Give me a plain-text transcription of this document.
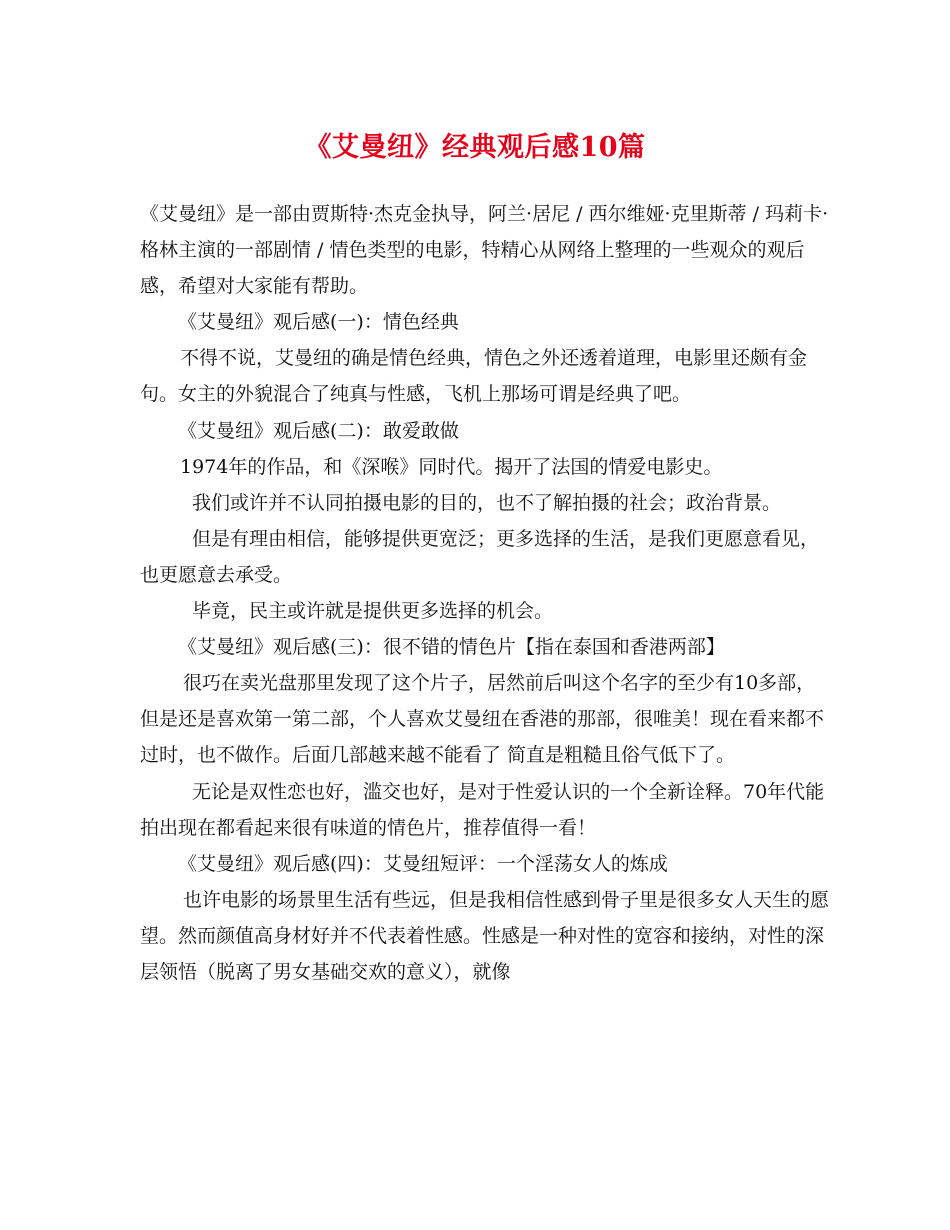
《艾曼纽》经典观后感10篇

《艾曼纽》是一部由贾斯特·杰克金执导，阿兰·居尼 / 西尔维娅·克里斯蒂 / 玛莉卡·格林主演的一部剧情 / 情色类型的电影，特精心从网络上整理的一些观众的观后感，希望对大家能有帮助。

《艾曼纽》观后感(一)：情色经典

不得不说，艾曼纽的确是情色经典，情色之外还透着道理，电影里还颇有金句。女主的外貌混合了纯真与性感，飞机上那场可谓是经典了吧。

《艾曼纽》观后感(二)：敢爱敢做

1974年的作品，和《深喉》同时代。揭开了法国的情爱电影史。

我们或许并不认同拍摄电影的目的，也不了解拍摄的社会；政治背景。

但是有理由相信，能够提供更宽泛；更多选择的生活，是我们更愿意看见，也更愿意去承受。

毕竟，民主或许就是提供更多选择的机会。

《艾曼纽》观后感(三)：很不错的情色片【指在泰国和香港两部】

很巧在卖光盘那里发现了这个片子，居然前后叫这个名字的至少有10多部，但是还是喜欢第一第二部，个人喜欢艾曼纽在香港的那部，很唯美！现在看来都不过时，也不做作。后面几部越来越不能看了 简直是粗糙且俗气低下了。

无论是双性恋也好，滥交也好，是对于性爱认识的一个全新诠释。70年代能拍出现在都看起来很有味道的情色片，推荐值得一看！

《艾曼纽》观后感(四)：艾曼纽短评：一个淫荡女人的炼成

也许电影的场景里生活有些远，但是我相信性感到骨子里是很多女人天生的愿望。然而颜值高身材好并不代表着性感。性感是一种对性的宽容和接纳，对性的深层领悟（脱离了男女基础交欢的意义），就像
